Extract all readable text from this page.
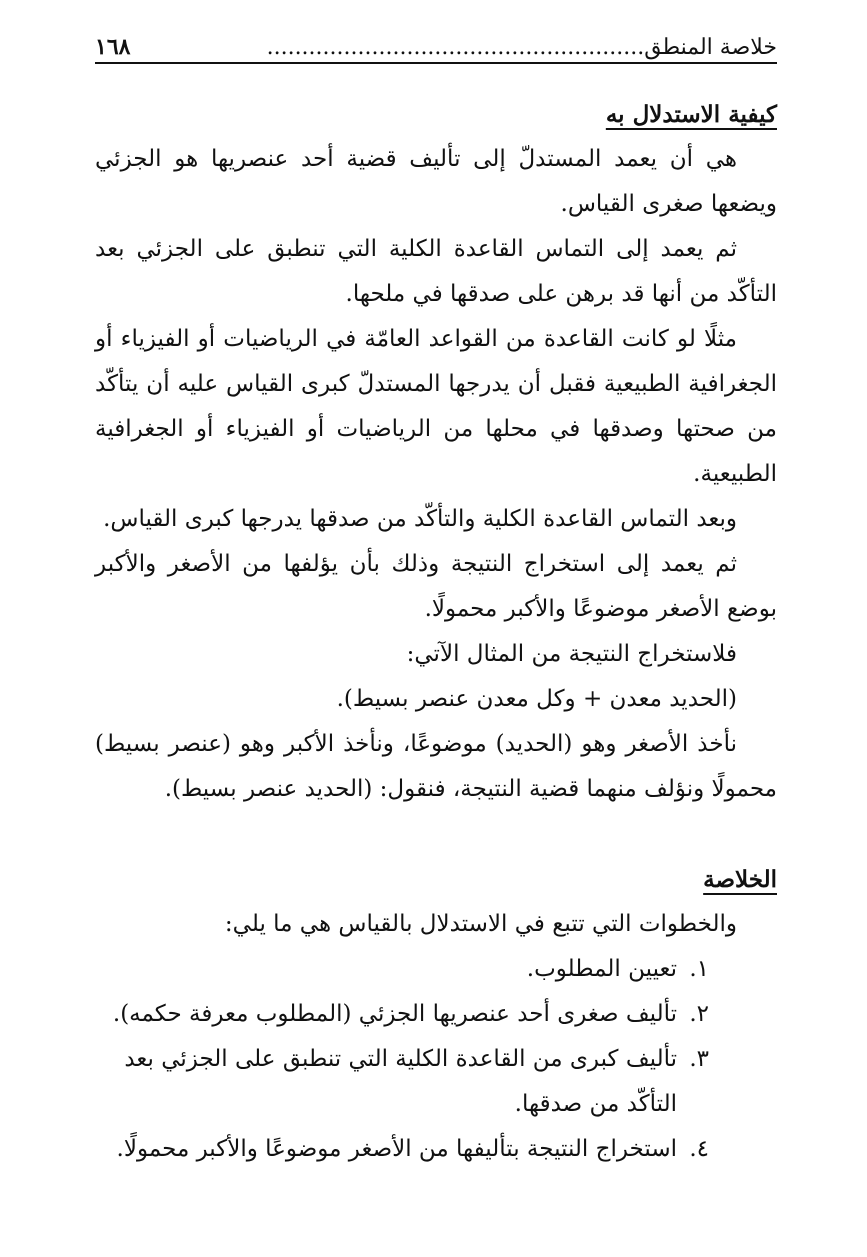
خلاصة المنطق......................................................
١٦٨

كيفية الاستدلال به

هي أن يعمد المستدلّ إلى تأليف قضية أحد عنصريها هو الجزئي ويضعها صغرى القياس.

ثم يعمد إلى التماس القاعدة الكلية التي تنطبق على الجزئي بعد التأكّد من أنها قد برهن على صدقها في ملحها.

مثلًا لو كانت القاعدة من القواعد العامّة في الرياضيات أو الفيزياء أو الجغرافية الطبيعية فقبل أن يدرجها المستدلّ كبرى القياس عليه أن يتأكّد من صحتها وصدقها في محلها من الرياضيات أو الفيزياء أو الجغرافية الطبيعية.

وبعد التماس القاعدة الكلية والتأكّد من صدقها يدرجها كبرى القياس.

ثم يعمد إلى استخراج النتيجة وذلك بأن يؤلفها من الأصغر والأكبر بوضع الأصغر موضوعًا والأكبر محمولًا.

فلاستخراج النتيجة من المثال الآتي:

(الحديد معدن + وكل معدن عنصر بسيط).

نأخذ الأصغر وهو (الحديد) موضوعًا، ونأخذ الأكبر وهو (عنصر بسيط) محمولًا ونؤلف منهما قضية النتيجة، فنقول: (الحديد عنصر بسيط).

الخلاصة

والخطوات التي تتبع في الاستدلال بالقياس هي ما يلي:

١.
تعيين المطلوب.
٢.
تأليف صغرى أحد عنصريها الجزئي (المطلوب معرفة حكمه).
٣.
تأليف كبرى من القاعدة الكلية التي تنطبق على الجزئي بعد التأكّد من صدقها.
٤.
استخراج النتيجة بتأليفها من الأصغر موضوعًا والأكبر محمولًا.
